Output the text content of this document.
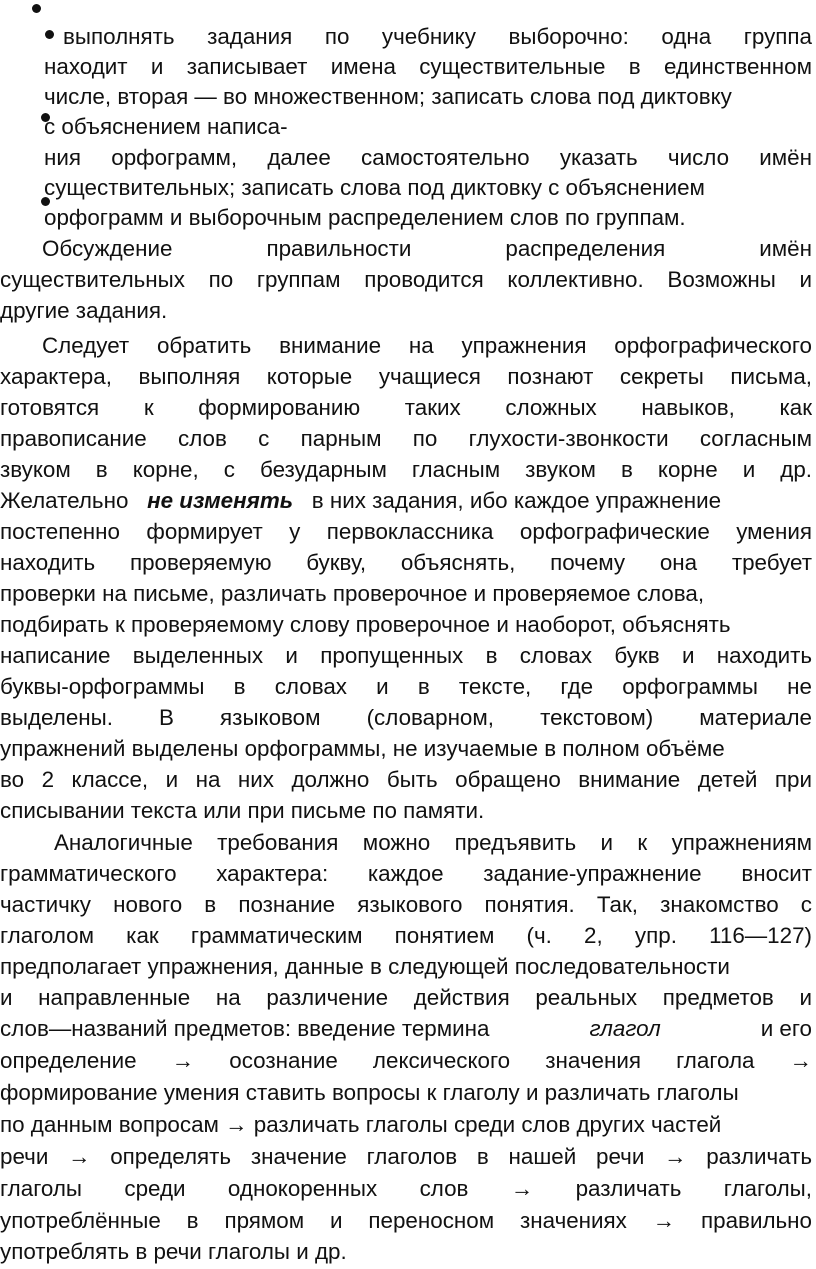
выполнять задания по учебнику выборочно: одна группа
находит и записывает имена существительные в единственном
числе, вторая — во множественном; записать слова под диктовку
с объяснением написа-
ния орфограмм, далее самостоятельно указать число имён
существительных; записать слова под диктовку с объяснением
орфограмм и выборочным распределением слов по группам.
Обсуждение правильности распределения имён
существительных по группам проводится коллективно. Возможны и
другие задания.
Следует обратить внимание на упражнения орфографического
характера, выполняя которые учащиеся познают секреты письма,
готовятся к формированию таких сложных навыков, как
правописание слов с парным по глухости-звонкости согласным
звуком в корне, с безударным гласным звуком в корне и др.
Желательно не изменять в них задания, ибо каждое упражнение
постепенно формирует у первоклассника орфографические умения
находить проверяемую букву, объяснять, почему она требует
проверки на письме, различать проверочное и проверяемое слова,
подбирать к проверяемому слову проверочное и наоборот, объяснять
написание выделенных и пропущенных в словах букв и находить
буквы-орфограммы в словах и в тексте, где орфограммы не
выделены. В языковом (словарном, текстовом) материале
упражнений выделены орфограммы, не изучаемые в полном объёме
во 2 классе, и на них должно быть обращено внимание детей при
списывании текста или при письме по памяти.
Аналогичные требования можно предъявить и к упражнениям
грамматического характера: каждое задание-упражнение вносит
частичку нового в познание языкового понятия. Так, знакомство с
глаголом как грамматическим понятием (ч. 2, упр. 116—127)
предполагает упражнения, данные в следующей последовательности
и направленные на различение действия реальных предметов и
слов—названий предметов: введение термина	глагол	и его
определение → осознание лексического значения глагола →
формирование умения ставить вопросы к глаголу и различать глаголы
по данным вопросам → различать глаголы среди слов других частей
речи → определять значение глаголов в нашей речи → различать
глаголы среди однокоренных слов → различать глаголы,
употреблённые в прямом и переносном значениях → правильно
употреблять в речи глаголы и др.
